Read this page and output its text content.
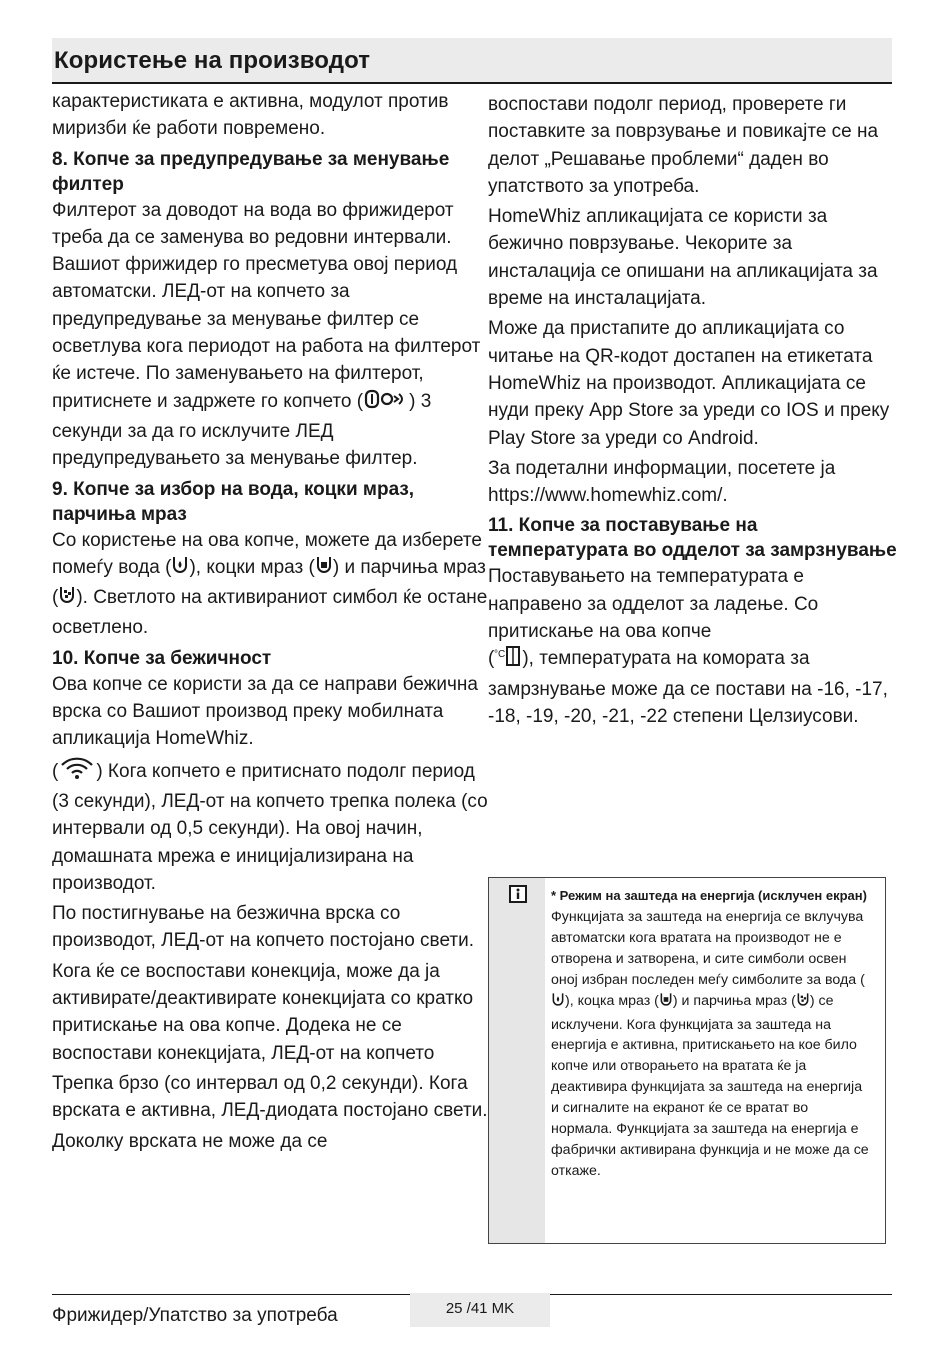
Користење на производот

карактеристиката е активна, модулот против миризби ќе работи повремено.

8. Копче за предупредување за менување филтер

Филтерот за доводот на вода во фрижидерот треба да се заменува во редовни интервали. Вашиот фрижидер го пресметува овој период автоматски. ЛЕД-от на копчето за предупредување за менување филтер се осветлува кога периодот на работа на филтерот ќе истече. По заменувањето на филтерот, притиснете и задржете го копчето ( ) 3 секунди за да го исклучите ЛЕД предупредувањето за менување филтер.

9. Копче за избор на вода, коцки мраз, парчиња мраз

Со користење на ова копче, можете да изберете помеѓу вода ( ), коцки мраз ( ) и парчиња мраз ( ). Светлото на активираниот симбол ќе остане осветлено.

10. Копче за бежичност

Ова копче се користи за да се направи бежична врска со Вашиот производ преку мобилната апликација HomeWhiz.

( ) Кога копчето е притиснато подолг период (3 секунди), ЛЕД-от на копчето трепка полека (со интервали од 0,5 секунди). На овој начин, домашната мрежа е иницијализирана на производот.

По постигнување на безжична врска со производот, ЛЕД-от на копчето постојано свети.

Кога ќе се воспостави конекција, може да ја активирате/деактивирате конекцијата со кратко притискање на ова копче. Додека не се воспостави конекцијата, ЛЕД-от на копчето

Трепка брзо (со интервал од 0,2 секунди). Кога врската е активна, ЛЕД-диодата постојано свети.

Доколку врската не може да се

воспостави подолг период, проверете ги поставките за поврзување и повикајте се на делот „Решавање проблеми“ даден во упатството за употреба.

HomeWhiz апликацијата се користи за бежично поврзување. Чекорите за инсталација се опишани на апликацијата за време на инсталацијата.

Може да пристапите до апликацијата со читање на QR-кодот достапен на етикетата HomeWhiz на производот. Апликацијата се нуди преку App Store за уреди со IOS и преку Play Store за уреди со Android.

За подетални информации, посетете ја https://www.homewhiz.com/.

11. Копче за поставување на температурата во одделот за замрзнување

Поставувањето на температурата е направено за одделот за ладење. Со притискање на ова копче
( °C ), температурата на комората за замрзнување може да се постави на -16, -17, -18, -19, -20, -21, -22 степени Целзиусови.

* Режим на заштеда на енергија (исклучен екран)
Функцијата за заштеда на енергија се вклучува автоматски кога вратата на производот не е отворена и затворена, и сите симболи освен оној избран последен меѓу симболите за вода (), коцка мраз ( ) и парчиња мраз ( ) се исклучени. Кога функцијата за заштеда на енергија е активна, притискањето на кое било копче или отворањето на вратата ќе ја деактивира функцијата за заштеда на енергија и сигналите на екранот ќе се вратат во нормала. Функцијата за заштеда на енергија е фабрички активирана функција и не може да се откаже.
Фрижидер/Упатство за употреба	25 /41 MK
